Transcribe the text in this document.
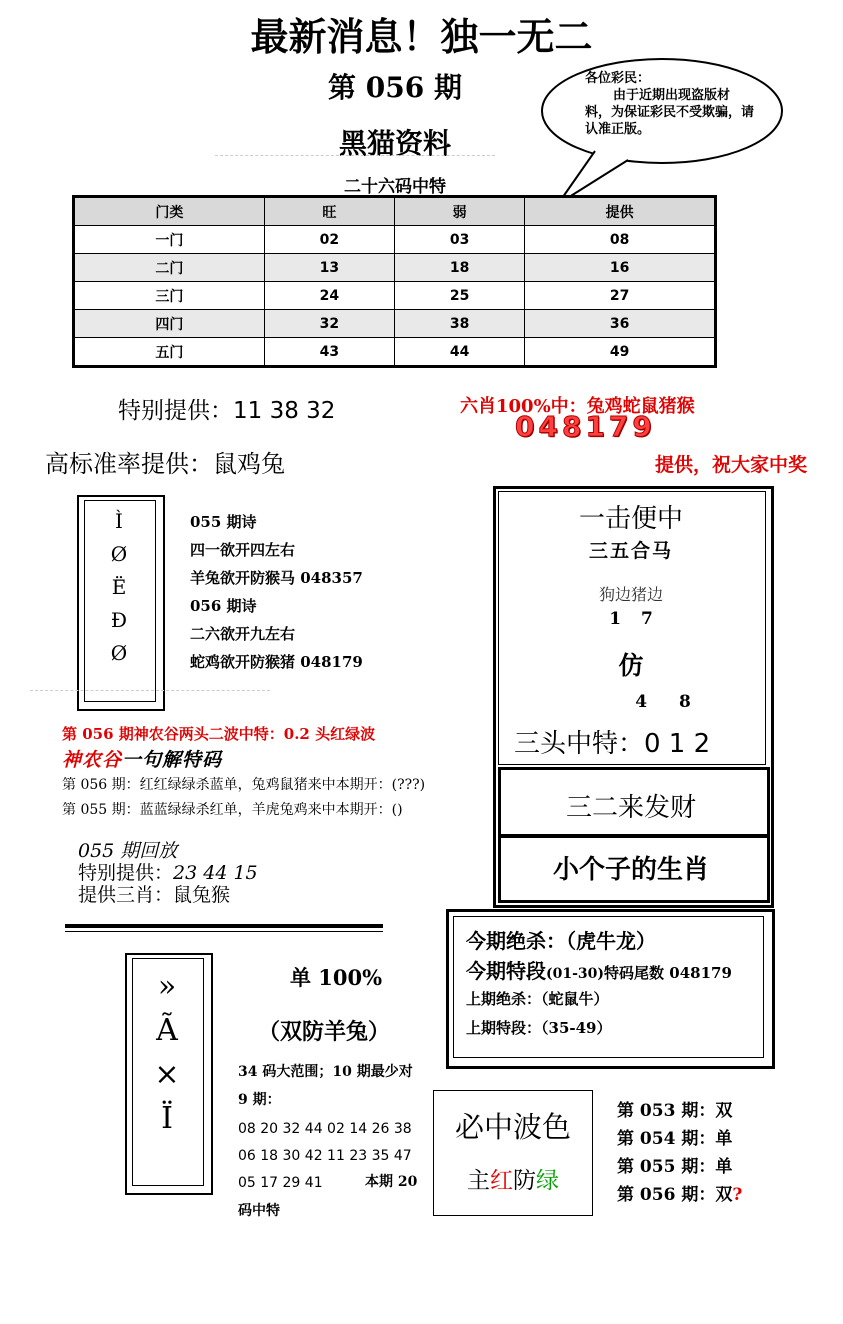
最新消息！独一无二
第 056 期
黑猫资料
二十六码中特
各位彩民：
由于近期出现盗版材料，为保证彩民不受欺骗，请认准正版。
门类	旺	弱	提供
一门	02	03	08
二门	13	18	16
三门	24	25	27
四门	32	38	36
五门	43	44	49
特别提供：11 38 32	六肖100%中：兔鸡蛇鼠猪猴
048179
高标准率提供：鼠鸡兔	提供，祝大家中奖
Ì
Ø
Ë
Ð
Ø
055 期诗
四一欲开四左右
羊兔欲开防猴马 048357
056 期诗
二六欲开九左右
蛇鸡欲开防猴猪 048179
第 056 期神农谷两头二波中特：0.2 头红绿波
神农谷一句解特码
第 056 期：红红绿绿杀蓝单，兔鸡鼠猪来中本期开：(???)
第 055 期：蓝蓝绿绿杀红单，羊虎兔鸡来中本期开：()
055 期回放
特别提供：23 44 15
提供三肖：鼠兔猴
一击便中
三五合马
狗边猪边
1 7
仿
4 8
三头中特：0 1 2
三二来发财
小个子的生肖
»
Ã
×
Ï
单 100%
（双防羊兔）
34 码大范围；10 期最少对
9 期：
08 20 32 44 02 14 26 38
06 18 30 42 11 23 35 47
05 17 29 41	本期 20
码中特
今期绝杀：（虎牛龙）
今期特段(01-30)特码尾数 048179
上期绝杀：（蛇鼠牛）
上期特段：（35-49）
必中波色
主红防绿
第 053 期：双
第 054 期：单
第 055 期：单
第 056 期：双?
